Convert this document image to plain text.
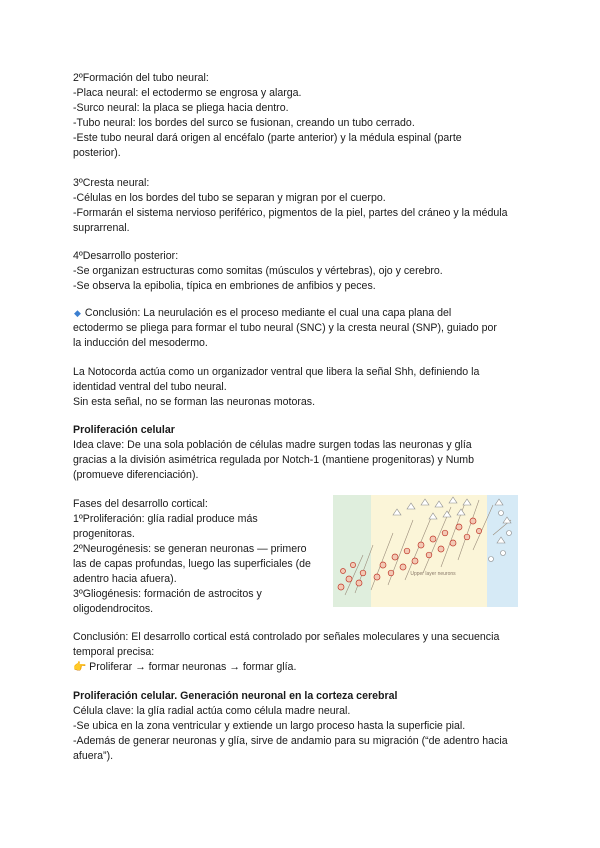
2ºFormación del tubo neural:
-Placa neural: el ectodermo se engrosa y alarga.
-Surco neural: la placa se pliega hacia dentro.
-Tubo neural: los bordes del surco se fusionan, creando un tubo cerrado.
-Este tubo neural dará origen al encéfalo (parte anterior) y la médula espinal (parte
posterior).
3ºCresta neural:
-Células en los bordes del tubo se separan y migran por el cuerpo.
-Formarán el sistema nervioso periférico, pigmentos de la piel, partes del cráneo y la médula
suprarrenal.
4ºDesarrollo posterior:
-Se organizan estructuras como somitas (músculos y vértebras), ojo y cerebro.
-Se observa la epibolia, típica en embriones de anfibios y peces.
◆ Conclusión: La neurulación es el proceso mediante el cual una capa plana del
ectodermo se pliega para formar el tubo neural (SNC) y la cresta neural (SNP), guiado por
la inducción del mesodermo.
La Notocorda actúa como un organizador ventral que libera la señal Shh, definiendo la
identidad ventral del tubo neural.
Sin esta señal, no se forman las neuronas motoras.
Proliferación celular
Idea clave: De una sola población de células madre surgen todas las neuronas y glía
gracias a la división asimétrica regulada por Notch-1 (mantiene progenitoras) y Numb
(promueve diferenciación).
Fases del desarrollo cortical:
1ºProliferación: glía radial produce más
progenitoras.
2ºNeurogénesis: se generan neuronas — primero
las de capas profundas, luego las superficiales (de
adentro hacia afuera).
3ºGliogénesis: formación de astrocitos y
oligodendrocitos.
Upper layer neurons
Conclusión: El desarrollo cortical está controlado por señales moleculares y una secuencia
temporal precisa:
👉 Proliferar → formar neuronas → formar glía.
Proliferación celular. Generación neuronal en la corteza cerebral
Célula clave: la glía radial actúa como célula madre neural.
-Se ubica en la zona ventricular y extiende un largo proceso hasta la superficie pial.
-Además de generar neuronas y glía, sirve de andamio para su migración (“de adentro hacia
afuera”).
